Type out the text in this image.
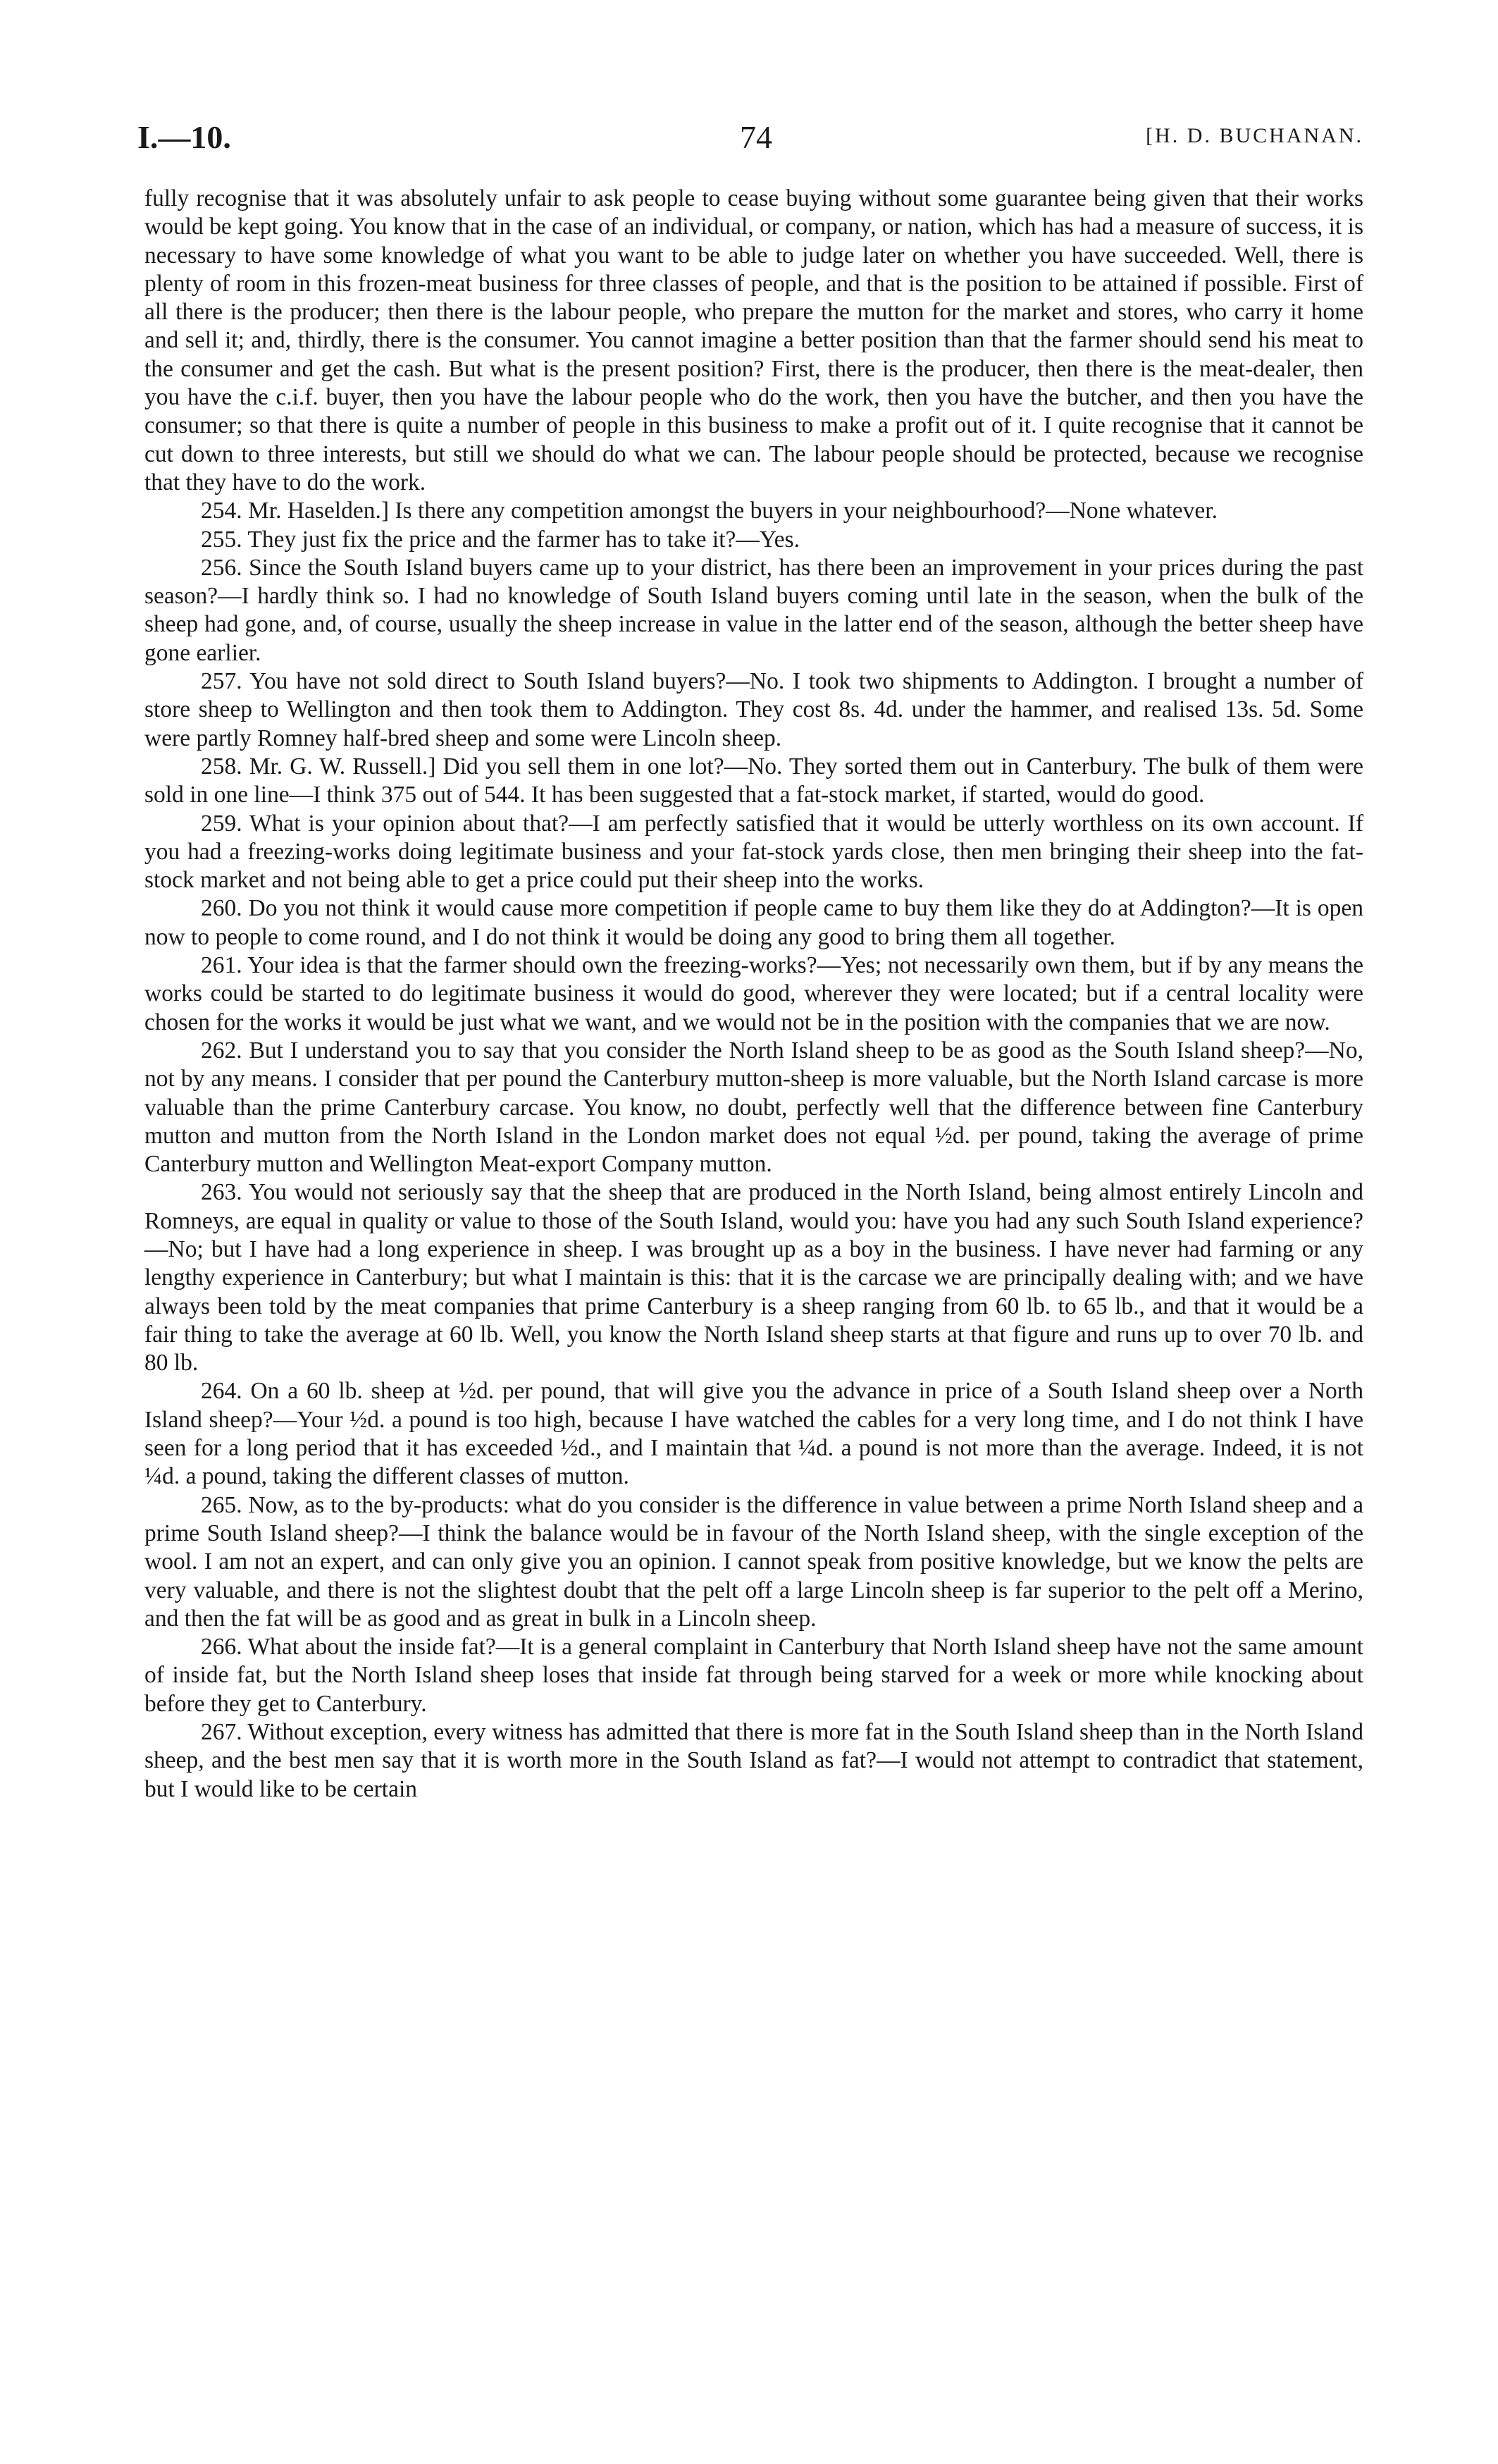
I.—10.	74	[H. D. BUCHANAN.

fully recognise that it was absolutely unfair to ask people to cease buying without some guarantee being given that their works would be kept going. You know that in the case of an individual, or company, or nation, which has had a measure of success, it is necessary to have some knowledge of what you want to be able to judge later on whether you have succeeded. Well, there is plenty of room in this frozen-meat business for three classes of people, and that is the position to be attained if possible. First of all there is the producer; then there is the labour people, who prepare the mutton for the market and stores, who carry it home and sell it; and, thirdly, there is the consumer. You cannot imagine a better position than that the farmer should send his meat to the consumer and get the cash. But what is the present position? First, there is the producer, then there is the meat-dealer, then you have the c.i.f. buyer, then you have the labour people who do the work, then you have the butcher, and then you have the consumer; so that there is quite a number of people in this business to make a profit out of it. I quite recognise that it cannot be cut down to three interests, but still we should do what we can. The labour people should be protected, because we recognise that they have to do the work.

254. Mr. Haselden.] Is there any competition amongst the buyers in your neighbourhood?—None whatever.

255. They just fix the price and the farmer has to take it?—Yes.

256. Since the South Island buyers came up to your district, has there been an improvement in your prices during the past season?—I hardly think so. I had no knowledge of South Island buyers coming until late in the season, when the bulk of the sheep had gone, and, of course, usually the sheep increase in value in the latter end of the season, although the better sheep have gone earlier.

257. You have not sold direct to South Island buyers?—No. I took two shipments to Addington. I brought a number of store sheep to Wellington and then took them to Addington. They cost 8s. 4d. under the hammer, and realised 13s. 5d. Some were partly Romney half-bred sheep and some were Lincoln sheep.

258. Mr. G. W. Russell.] Did you sell them in one lot?—No. They sorted them out in Canterbury. The bulk of them were sold in one line—I think 375 out of 544. It has been suggested that a fat-stock market, if started, would do good.

259. What is your opinion about that?—I am perfectly satisfied that it would be utterly worthless on its own account. If you had a freezing-works doing legitimate business and your fat-stock yards close, then men bringing their sheep into the fat-stock market and not being able to get a price could put their sheep into the works.

260. Do you not think it would cause more competition if people came to buy them like they do at Addington?—It is open now to people to come round, and I do not think it would be doing any good to bring them all together.

261. Your idea is that the farmer should own the freezing-works?—Yes; not necessarily own them, but if by any means the works could be started to do legitimate business it would do good, wherever they were located; but if a central locality were chosen for the works it would be just what we want, and we would not be in the position with the companies that we are now.

262. But I understand you to say that you consider the North Island sheep to be as good as the South Island sheep?—No, not by any means. I consider that per pound the Canterbury mutton-sheep is more valuable, but the North Island carcase is more valuable than the prime Canterbury carcase. You know, no doubt, perfectly well that the difference between fine Canterbury mutton and mutton from the North Island in the London market does not equal ½d. per pound, taking the average of prime Canterbury mutton and Wellington Meat-export Company mutton.

263. You would not seriously say that the sheep that are produced in the North Island, being almost entirely Lincoln and Romneys, are equal in quality or value to those of the South Island, would you: have you had any such South Island experience?—No; but I have had a long experience in sheep. I was brought up as a boy in the business. I have never had farming or any lengthy experience in Canterbury; but what I maintain is this: that it is the carcase we are principally dealing with; and we have always been told by the meat companies that prime Canterbury is a sheep ranging from 60 lb. to 65 lb., and that it would be a fair thing to take the average at 60 lb. Well, you know the North Island sheep starts at that figure and runs up to over 70 lb. and 80 lb.

264. On a 60 lb. sheep at ½d. per pound, that will give you the advance in price of a South Island sheep over a North Island sheep?—Your ½d. a pound is too high, because I have watched the cables for a very long time, and I do not think I have seen for a long period that it has exceeded ½d., and I maintain that ¼d. a pound is not more than the average. Indeed, it is not ¼d. a pound, taking the different classes of mutton.

265. Now, as to the by-products: what do you consider is the difference in value between a prime North Island sheep and a prime South Island sheep?—I think the balance would be in favour of the North Island sheep, with the single exception of the wool. I am not an expert, and can only give you an opinion. I cannot speak from positive knowledge, but we know the pelts are very valuable, and there is not the slightest doubt that the pelt off a large Lincoln sheep is far superior to the pelt off a Merino, and then the fat will be as good and as great in bulk in a Lincoln sheep.

266. What about the inside fat?—It is a general complaint in Canterbury that North Island sheep have not the same amount of inside fat, but the North Island sheep loses that inside fat through being starved for a week or more while knocking about before they get to Canterbury.

267. Without exception, every witness has admitted that there is more fat in the South Island sheep than in the North Island sheep, and the best men say that it is worth more in the South Island as fat?—I would not attempt to contradict that statement, but I would like to be certain
